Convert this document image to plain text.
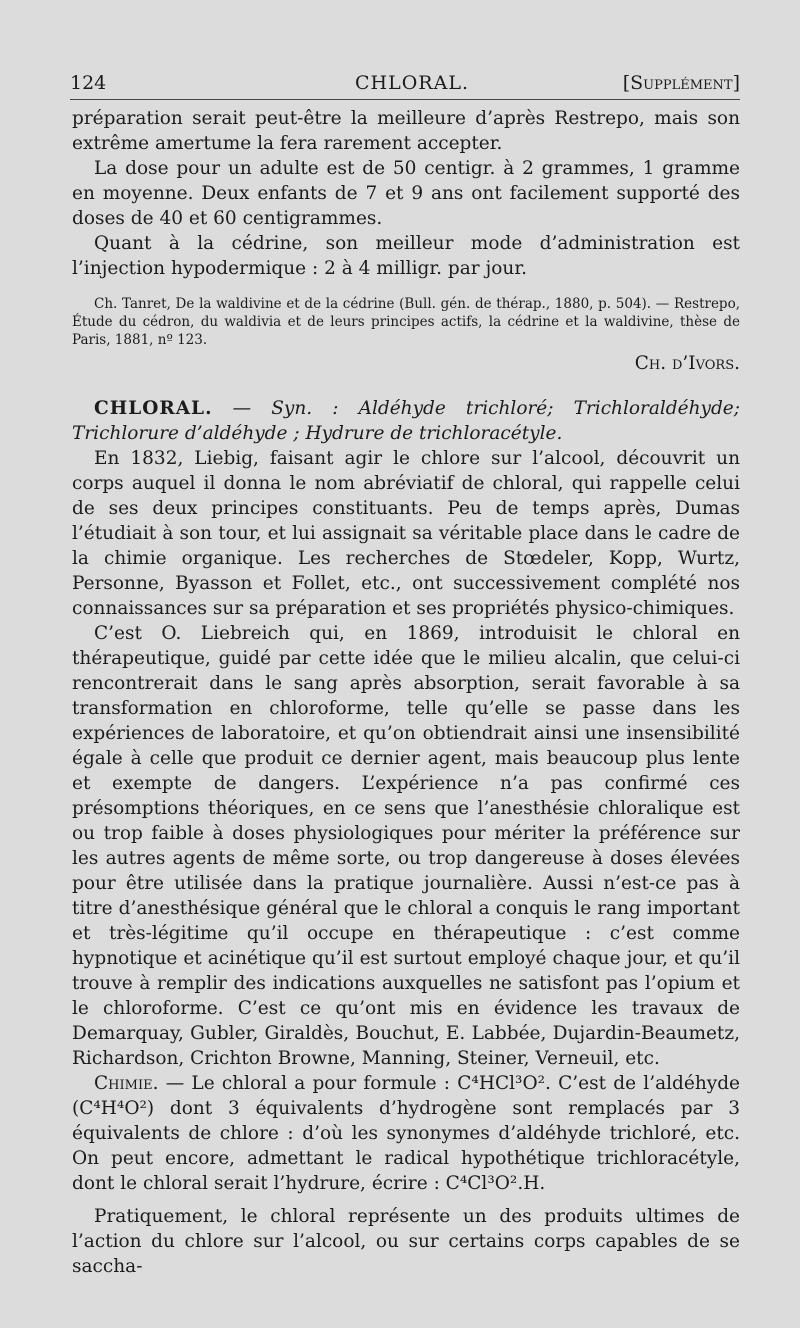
124	CHLORAL.	[Supplément]

préparation serait peut-être la meilleure d’après Restrepo, mais son extrême amertume la fera rarement accepter.

La dose pour un adulte est de 50 centigr. à 2 grammes, 1 gramme en moyenne. Deux enfants de 7 et 9 ans ont facilement supporté des doses de 40 et 60 centigrammes.

Quant à la cédrine, son meilleur mode d’administration est l’injection hypodermique : 2 à 4 milligr. par jour.

Ch. Tanret, De la waldivine et de la cédrine (Bull. gén. de thérap., 1880, p. 504). — Restrepo, Étude du cédron, du waldivia et de leurs principes actifs, la cédrine et la waldivine, thèse de Paris, 1881, nº 123.

Ch. d’Ivors.

CHLORAL. — Syn. : Aldéhyde trichloré; Trichloraldéhyde; Trichlorure d’aldéhyde ; Hydrure de trichloracétyle.

En 1832, Liebig, faisant agir le chlore sur l’alcool, découvrit un corps auquel il donna le nom abréviatif de chloral, qui rappelle celui de ses deux principes constituants. Peu de temps après, Dumas l’étudiait à son tour, et lui assignait sa véritable place dans le cadre de la chimie organique. Les recherches de Stœdeler, Kopp, Wurtz, Personne, Byasson et Follet, etc., ont successivement complété nos connaissances sur sa préparation et ses propriétés physico-chimiques.

C’est O. Liebreich qui, en 1869, introduisit le chloral en thérapeutique, guidé par cette idée que le milieu alcalin, que celui-ci rencontrerait dans le sang après absorption, serait favorable à sa transformation en chloroforme, telle qu’elle se passe dans les expériences de laboratoire, et qu’on obtiendrait ainsi une insensibilité égale à celle que produit ce dernier agent, mais beaucoup plus lente et exempte de dangers. L’expérience n’a pas confirmé ces présomptions théoriques, en ce sens que l’anesthésie chloralique est ou trop faible à doses physiologiques pour mériter la préférence sur les autres agents de même sorte, ou trop dangereuse à doses élevées pour être utilisée dans la pratique journalière. Aussi n’est-ce pas à titre d’anesthésique général que le chloral a conquis le rang important et très-légitime qu’il occupe en thérapeutique : c’est comme hypnotique et acinétique qu’il est surtout employé chaque jour, et qu’il trouve à remplir des indications auxquelles ne satisfont pas l’opium et le chloroforme. C’est ce qu’ont mis en évidence les travaux de Demarquay, Gubler, Giraldès, Bouchut, E. Labbée, Dujardin-Beaumetz, Richardson, Crichton Browne, Manning, Steiner, Verneuil, etc.

Chimie. — Le chloral a pour formule : C⁴HCl³O². C’est de l’aldéhyde (C⁴H⁴O²) dont 3 équivalents d’hydrogène sont remplacés par 3 équivalents de chlore : d’où les synonymes d’aldéhyde trichloré, etc. On peut encore, admettant le radical hypothétique trichloracétyle, dont le chloral serait l’hydrure, écrire : C⁴Cl³O².H.

Pratiquement, le chloral représente un des produits ultimes de l’action du chlore sur l’alcool, ou sur certains corps capables de se saccha-
